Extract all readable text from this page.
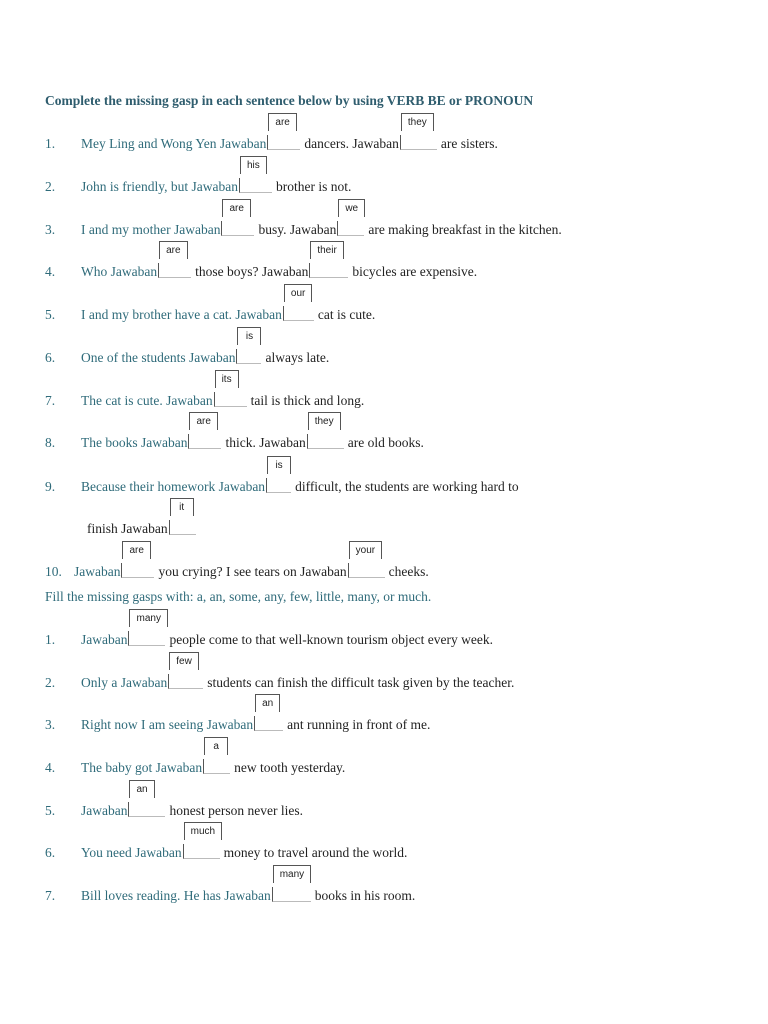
Complete the missing gasp in each sentence below by using VERB BE or PRONOUN
1. Mey Ling and Wong Yen Jawaban
are
dancers. Jawaban
they
are sisters.
2. John is friendly, but Jawaban
his
brother is not.
3. I and my mother Jawaban
are
busy. Jawaban
we
are making breakfast in the kitchen.
4. Who Jawaban
are
those boys? Jawaban
their
bicycles are expensive.
5. I and my brother have a cat. Jawaban
our
cat is cute.
6. One of the students Jawaban
is
always late.
7. The cat is cute. Jawaban
its
tail is thick and long.
8. The books Jawaban
are
thick. Jawaban
they
are old books.
9. Because their homework Jawaban
is
difficult, the students are working hard to
finish Jawaban
it
10. Jawaban
are
you crying? I see tears on Jawaban
your
cheeks.
Fill the missing gasps with: a, an, some, any, few, little, many, or much.
1. Jawaban
many
people come to that well-known tourism object every week.
2. Only a Jawaban
few
students can finish the difficult task given by the teacher.
3. Right now I am seeing Jawaban
an
ant running in front of me.
4. The baby got Jawaban
a
new tooth yesterday.
5. Jawaban
an
honest person never lies.
6. You need Jawaban
much
money to travel around the world.
7. Bill loves reading. He has Jawaban
many
books in his room.
